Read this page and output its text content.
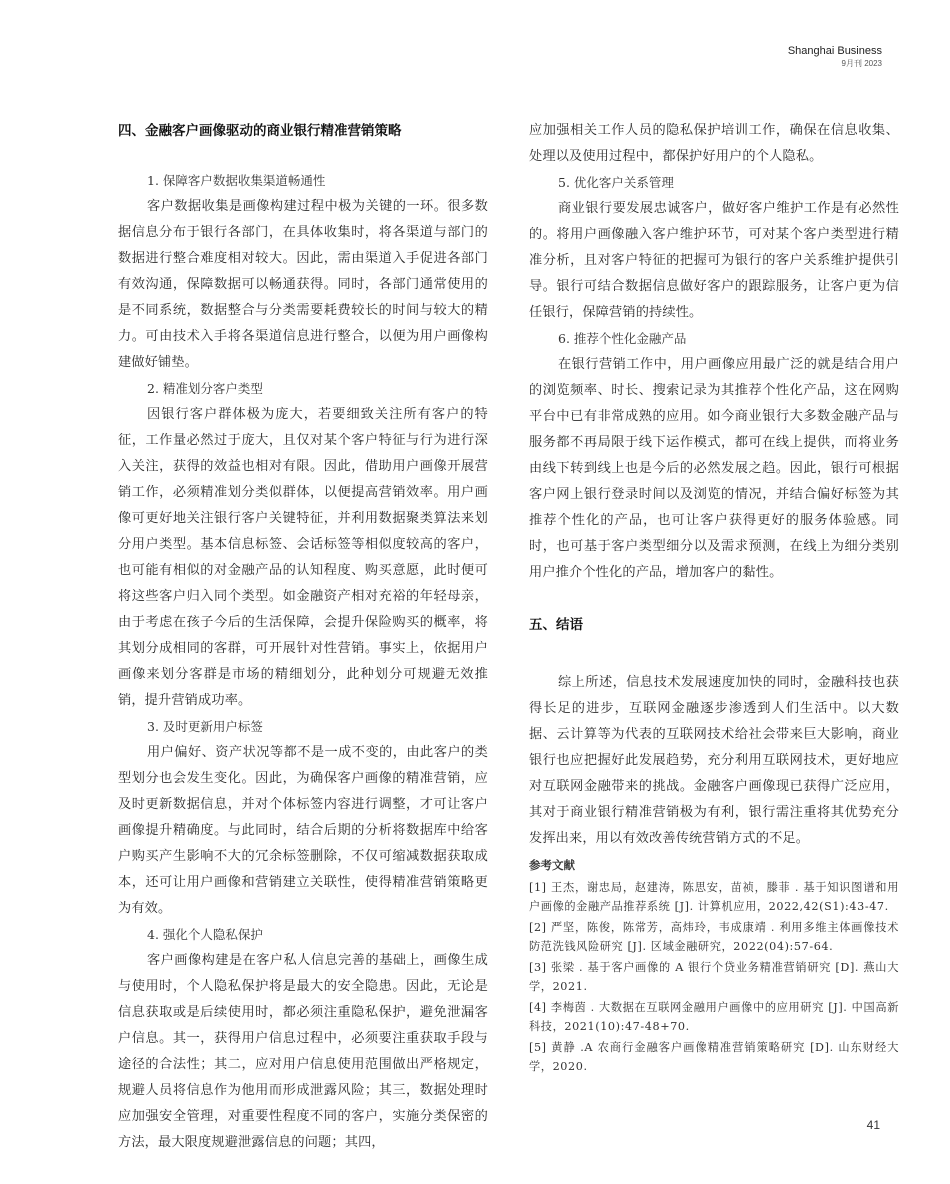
Shanghai Business
9月刊 2023
四、金融客户画像驱动的商业银行精准营销策略

1. 保障客户数据收集渠道畅通性

客户数据收集是画像构建过程中极为关键的一环。很多数据信息分布于银行各部门，在具体收集时，将各渠道与部门的数据进行整合难度相对较大。因此，需由渠道入手促进各部门有效沟通，保障数据可以畅通获得。同时，各部门通常使用的是不同系统，数据整合与分类需要耗费较长的时间与较大的精力。可由技术入手将各渠道信息进行整合，以便为用户画像构建做好铺垫。

2. 精准划分客户类型

因银行客户群体极为庞大，若要细致关注所有客户的特征，工作量必然过于庞大，且仅对某个客户特征与行为进行深入关注，获得的效益也相对有限。因此，借助用户画像开展营销工作，必须精准划分类似群体，以便提高营销效率。用户画像可更好地关注银行客户关键特征，并利用数据聚类算法来划分用户类型。基本信息标签、会话标签等相似度较高的客户，也可能有相似的对金融产品的认知程度、购买意愿，此时便可将这些客户归入同个类型。如金融资产相对充裕的年轻母亲，由于考虑在孩子今后的生活保障，会提升保险购买的概率，将其划分成相同的客群，可开展针对性营销。事实上，依据用户画像来划分客群是市场的精细划分，此种划分可规避无效推销，提升营销成功率。

3. 及时更新用户标签

用户偏好、资产状况等都不是一成不变的，由此客户的类型划分也会发生变化。因此，为确保客户画像的精准营销，应及时更新数据信息，并对个体标签内容进行调整，才可让客户画像提升精确度。与此同时，结合后期的分析将数据库中给客户购买产生影响不大的冗余标签删除，不仅可缩减数据获取成本，还可让用户画像和营销建立关联性，使得精准营销策略更为有效。

4. 强化个人隐私保护

客户画像构建是在客户私人信息完善的基础上，画像生成与使用时，个人隐私保护将是最大的安全隐患。因此，无论是信息获取或是后续使用时，都必须注重隐私保护，避免泄漏客户信息。其一，获得用户信息过程中，必须要注重获取手段与途径的合法性；其二，应对用户信息使用范围做出严格规定，规避人员将信息作为他用而形成泄露风险；其三，数据处理时应加强安全管理，对重要性程度不同的客户，实施分类保密的方法，最大限度规避泄露信息的问题；其四，

应加强相关工作人员的隐私保护培训工作，确保在信息收集、处理以及使用过程中，都保护好用户的个人隐私。

5. 优化客户关系管理

商业银行要发展忠诚客户，做好客户维护工作是有必然性的。将用户画像融入客户维护环节，可对某个客户类型进行精准分析，且对客户特征的把握可为银行的客户关系维护提供引导。银行可结合数据信息做好客户的跟踪服务，让客户更为信任银行，保障营销的持续性。

6. 推荐个性化金融产品

在银行营销工作中，用户画像应用最广泛的就是结合用户的浏览频率、时长、搜索记录为其推荐个性化产品，这在网购平台中已有非常成熟的应用。如今商业银行大多数金融产品与服务都不再局限于线下运作模式，都可在线上提供，而将业务由线下转到线上也是今后的必然发展之趋。因此，银行可根据客户网上银行登录时间以及浏览的情况，并结合偏好标签为其推荐个性化的产品，也可让客户获得更好的服务体验感。同时，也可基于客户类型细分以及需求预测，在线上为细分类别用户推介个性化的产品，增加客户的黏性。

五、结语

综上所述，信息技术发展速度加快的同时，金融科技也获得长足的进步，互联网金融逐步渗透到人们生活中。以大数据、云计算等为代表的互联网技术给社会带来巨大影响，商业银行也应把握好此发展趋势，充分利用互联网技术，更好地应对互联网金融带来的挑战。金融客户画像现已获得广泛应用，其对于商业银行精准营销极为有利，银行需注重将其优势充分发挥出来，用以有效改善传统营销方式的不足。

参考文献
[1] 王杰，谢忠局，赵建涛，陈思安，苗祯，滕菲 . 基于知识图谱和用户画像的金融产品推荐系统 [J]. 计算机应用，2022,42(S1):43-47.
[2] 严坚，陈俊，陈常芳，高炜玲，韦成康靖 . 利用多维主体画像技术防范洗钱风险研究 [J]. 区域金融研究，2022(04):57-64.
[3] 张梁 . 基于客户画像的 A 银行个贷业务精准营销研究 [D]. 燕山大学，2021.
[4] 李梅茵 . 大数据在互联网金融用户画像中的应用研究 [J]. 中国高新科技，2021(10):47-48+70.
[5] 黄静 .A 农商行金融客户画像精准营销策略研究 [D]. 山东财经大学，2020.
41
